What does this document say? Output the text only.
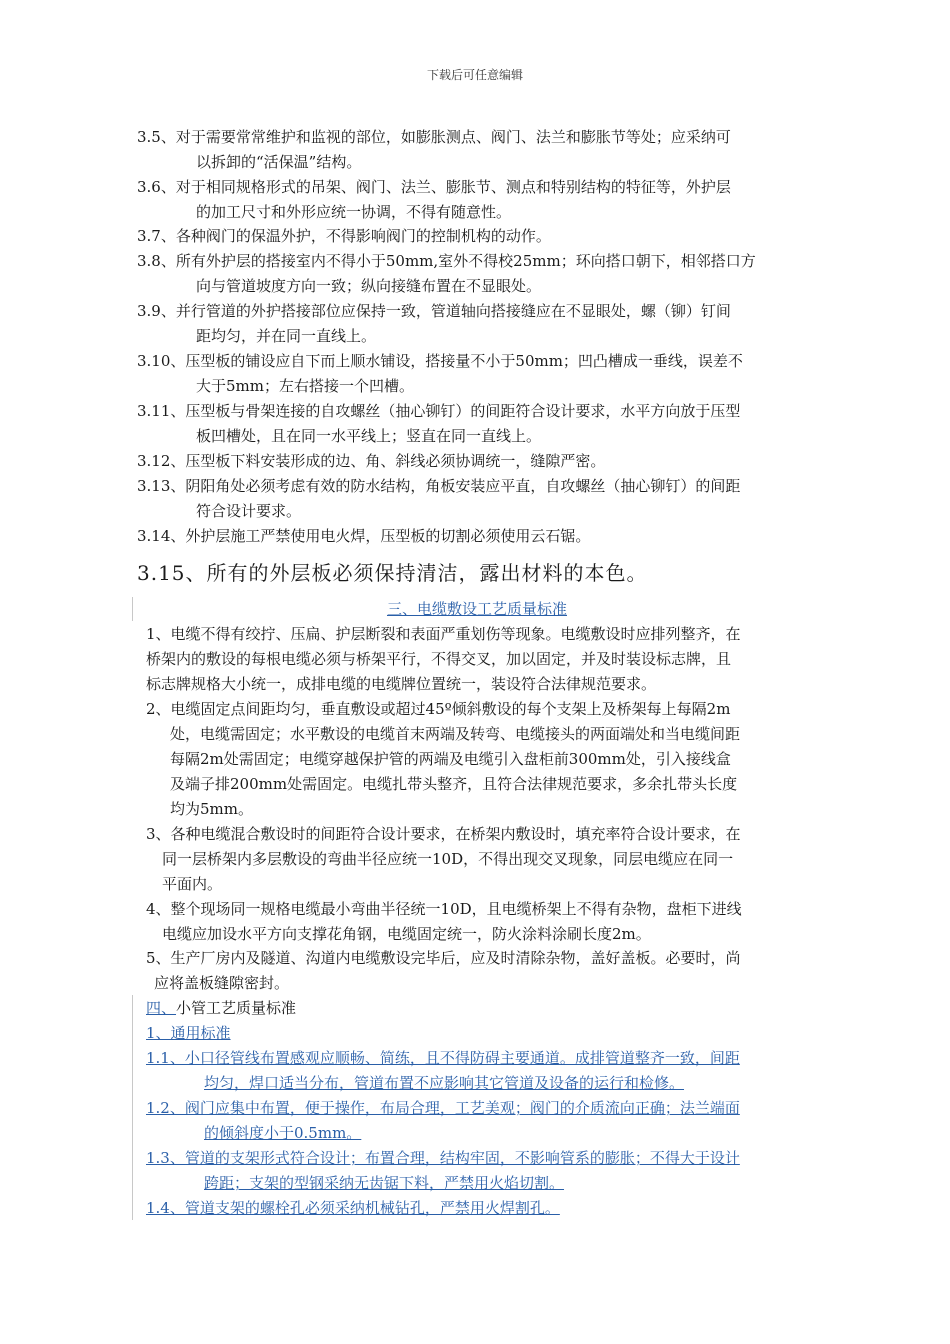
下载后可任意编辑
3.5、对于需要常常维护和监视的部位，如膨胀测点、阀门、法兰和膨胀节等处；应采纳可
以拆卸的“活保温”结构。
3.6、对于相同规格形式的吊架、阀门、法兰、膨胀节、测点和特别结构的特征等，外护层
的加工尺寸和外形应统一协调，不得有随意性。
3.7、各种阀门的保温外护，不得影响阀门的控制机构的动作。
3.8、所有外护层的搭接室内不得小于50mm,室外不得校25mm；环向搭口朝下，相邻搭口方
向与管道坡度方向一致；纵向接缝布置在不显眼处。
3.9、并行管道的外护搭接部位应保持一致，管道轴向搭接缝应在不显眼处，螺（铆）钉间
距均匀，并在同一直线上。
3.10、压型板的铺设应自下而上顺水铺设，搭接量不小于50mm；凹凸槽成一垂线，误差不
大于5mm；左右搭接一个凹槽。
3.11、压型板与骨架连接的自攻螺丝（抽心铆钉）的间距符合设计要求，水平方向放于压型
板凹槽处，且在同一水平线上；竖直在同一直线上。
3.12、压型板下料安装形成的边、角、斜线必须协调统一，缝隙严密。
3.13、阴阳角处必须考虑有效的防水结构，角板安装应平直，自攻螺丝（抽心铆钉）的间距
符合设计要求。
3.14、外护层施工严禁使用电火焊，压型板的切割必须使用云石锯。
3.15、所有的外层板必须保持清洁，露出材料的本色。
三、电缆敷设工艺质量标准
1、电缆不得有绞拧、压扁、护层断裂和表面严重划伤等现象。电缆敷设时应排列整齐，在
桥架内的敷设的每根电缆必须与桥架平行，不得交叉，加以固定，并及时装设标志牌，且
标志牌规格大小统一，成排电缆的电缆牌位置统一，装设符合法律规范要求。
2、电缆固定点间距均匀，垂直敷设或超过45º倾斜敷设的每个支架上及桥架每上每隔2m
处，电缆需固定；水平敷设的电缆首末两端及转弯、电缆接头的两面端处和当电缆间距
每隔2m处需固定；电缆穿越保护管的两端及电缆引入盘柜前300mm处，引入接线盒
及端子排200mm处需固定。电缆扎带头整齐，且符合法律规范要求，多余扎带头长度
均为5mm。
3、各种电缆混合敷设时的间距符合设计要求，在桥架内敷设时，填充率符合设计要求，在
同一层桥架内多层敷设的弯曲半径应统一10D，不得出现交叉现象，同层电缆应在同一
平面内。
4、整个现场同一规格电缆最小弯曲半径统一10D，且电缆桥架上不得有杂物，盘柜下进线
电缆应加设水平方向支撑花角钢，电缆固定统一，防火涂料涂刷长度2m。
5、生产厂房内及隧道、沟道内电缆敷设完毕后，应及时清除杂物，盖好盖板。必要时，尚
应将盖板缝隙密封。
四、小管工艺质量标准
1、通用标准
1.1、小口径管线布置感观应顺畅、简练，且不得防碍主要通道。成排管道整齐一致，间距
均匀，焊口适当分布，管道布置不应影响其它管道及设备的运行和检修。
1.2、阀门应集中布置，便于操作，布局合理，工艺美观；阀门的介质流向正确；法兰端面
的倾斜度小于0.5mm。
1.3、管道的支架形式符合设计；布置合理，结构牢固，不影响管系的膨胀；不得大于设计
跨距；支架的型钢采纳无齿锯下料，严禁用火焰切割。
1.4、管道支架的螺栓孔必须采纳机械钻孔，严禁用火焊割孔。
